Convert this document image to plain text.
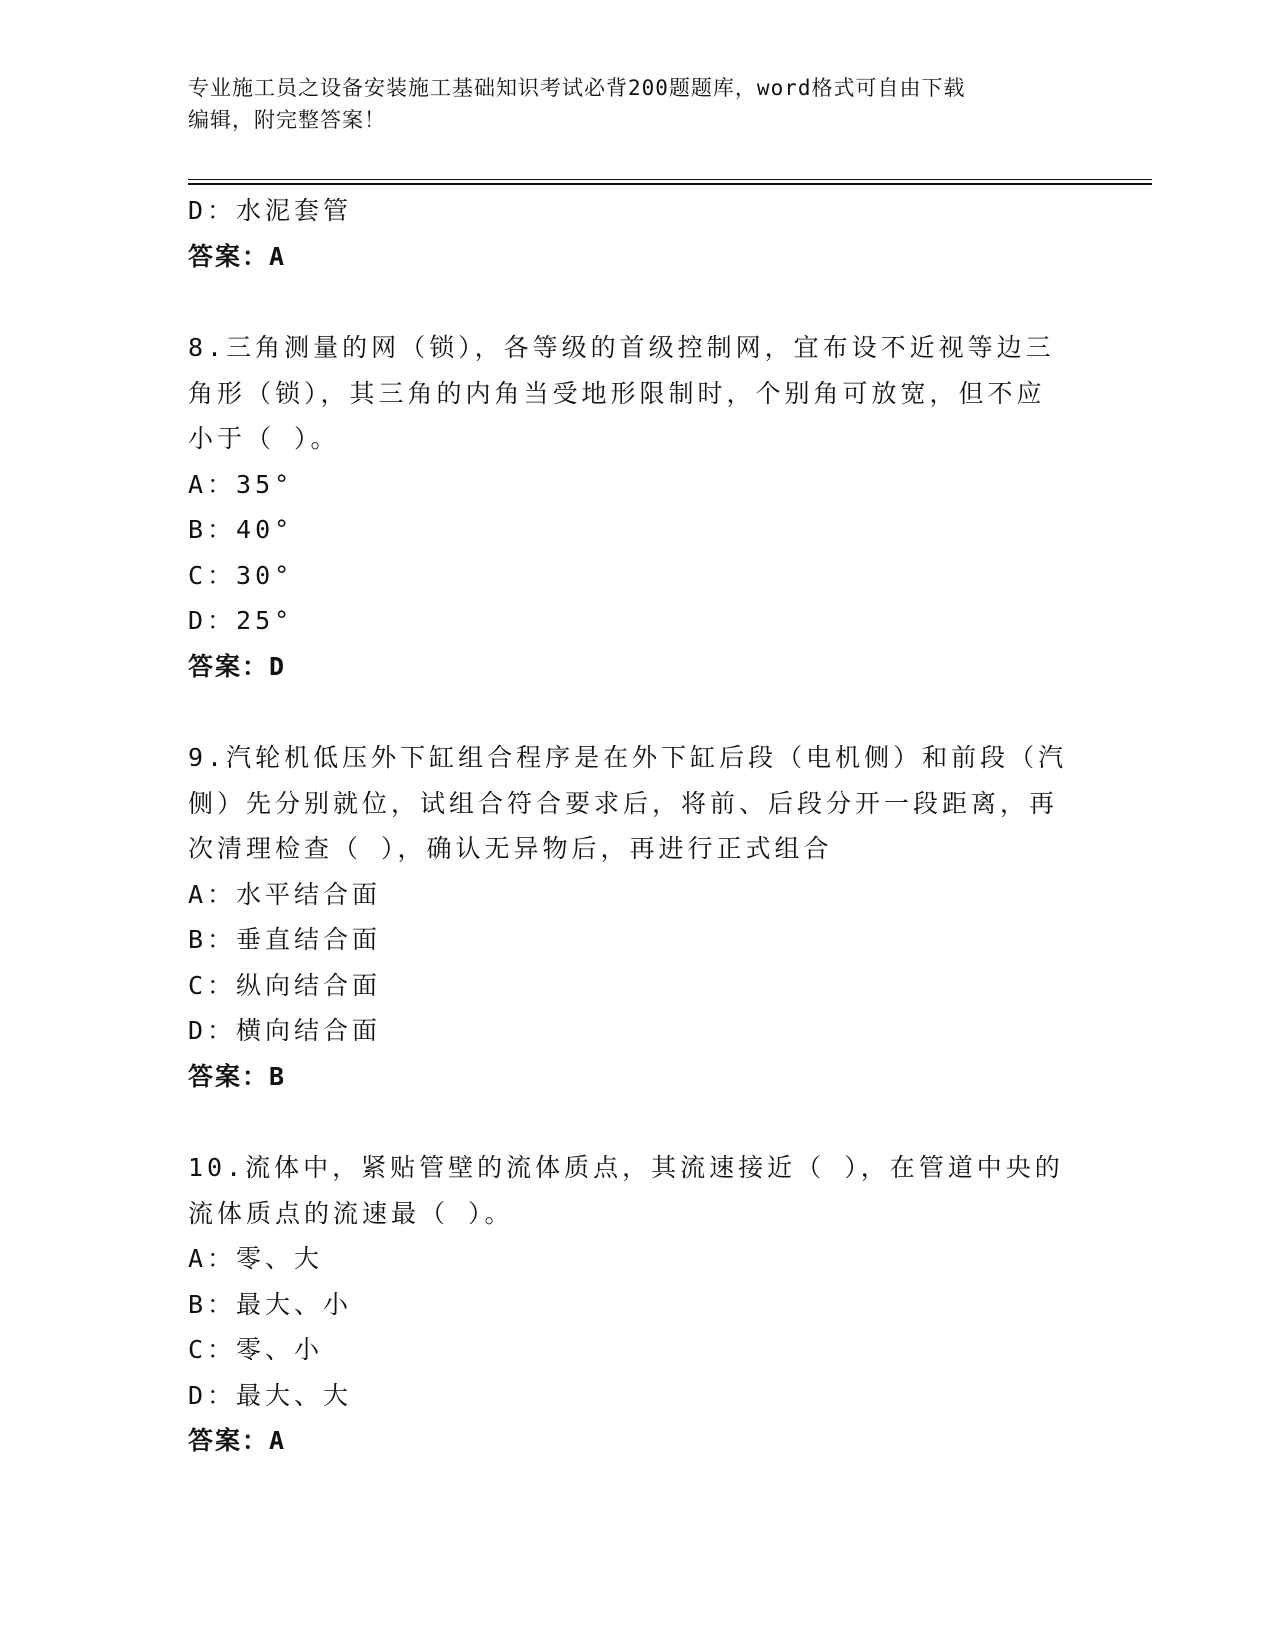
专业施工员之设备安装施工基础知识考试必背200题题库，word格式可自由下载
编辑，附完整答案！
D：水泥套管
答案：A
8.三角测量的网（锁），各等级的首级控制网，宜布设不近视等边三
角形（锁），其三角的内角当受地形限制时，个别角可放宽，但不应
小于（ ）。
A：35°
B：40°
C：30°
D：25°
答案：D
9.汽轮机低压外下缸组合程序是在外下缸后段（电机侧）和前段（汽
侧）先分别就位，试组合符合要求后，将前、后段分开一段距离，再
次清理检查（ ），确认无异物后，再进行正式组合
A：水平结合面
B：垂直结合面
C：纵向结合面
D：横向结合面
答案：B
10.流体中，紧贴管壁的流体质点，其流速接近（ ），在管道中央的
流体质点的流速最（ ）。
A：零、大
B：最大、小
C：零、小
D：最大、大
答案：A
